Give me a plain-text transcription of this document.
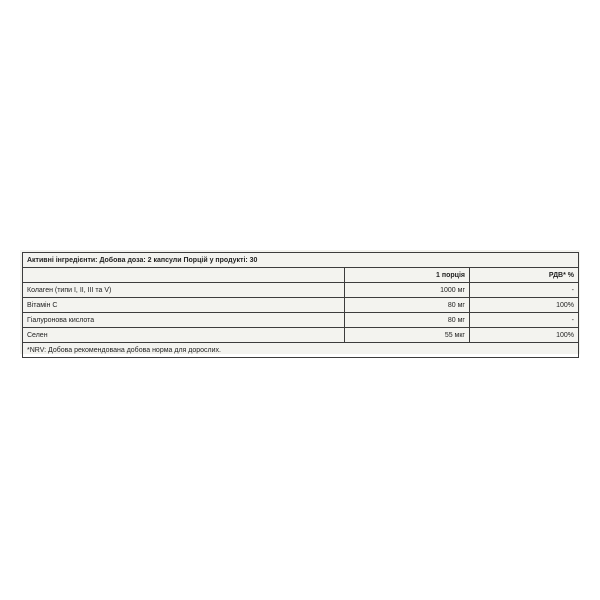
Активні інгредієнти: Добова доза: 2 капсули Порцій у продукті: 30		
	1 порція	РДВ* %
Колаген (типи I, II, III та V)	1000 мг	-
Вітамін С	80 мг	100%
Гіалуронова кислота	80 мг	-
Селен	55 мкг	100%
*NRV: Добова рекомендована добова норма для дорослих.		
